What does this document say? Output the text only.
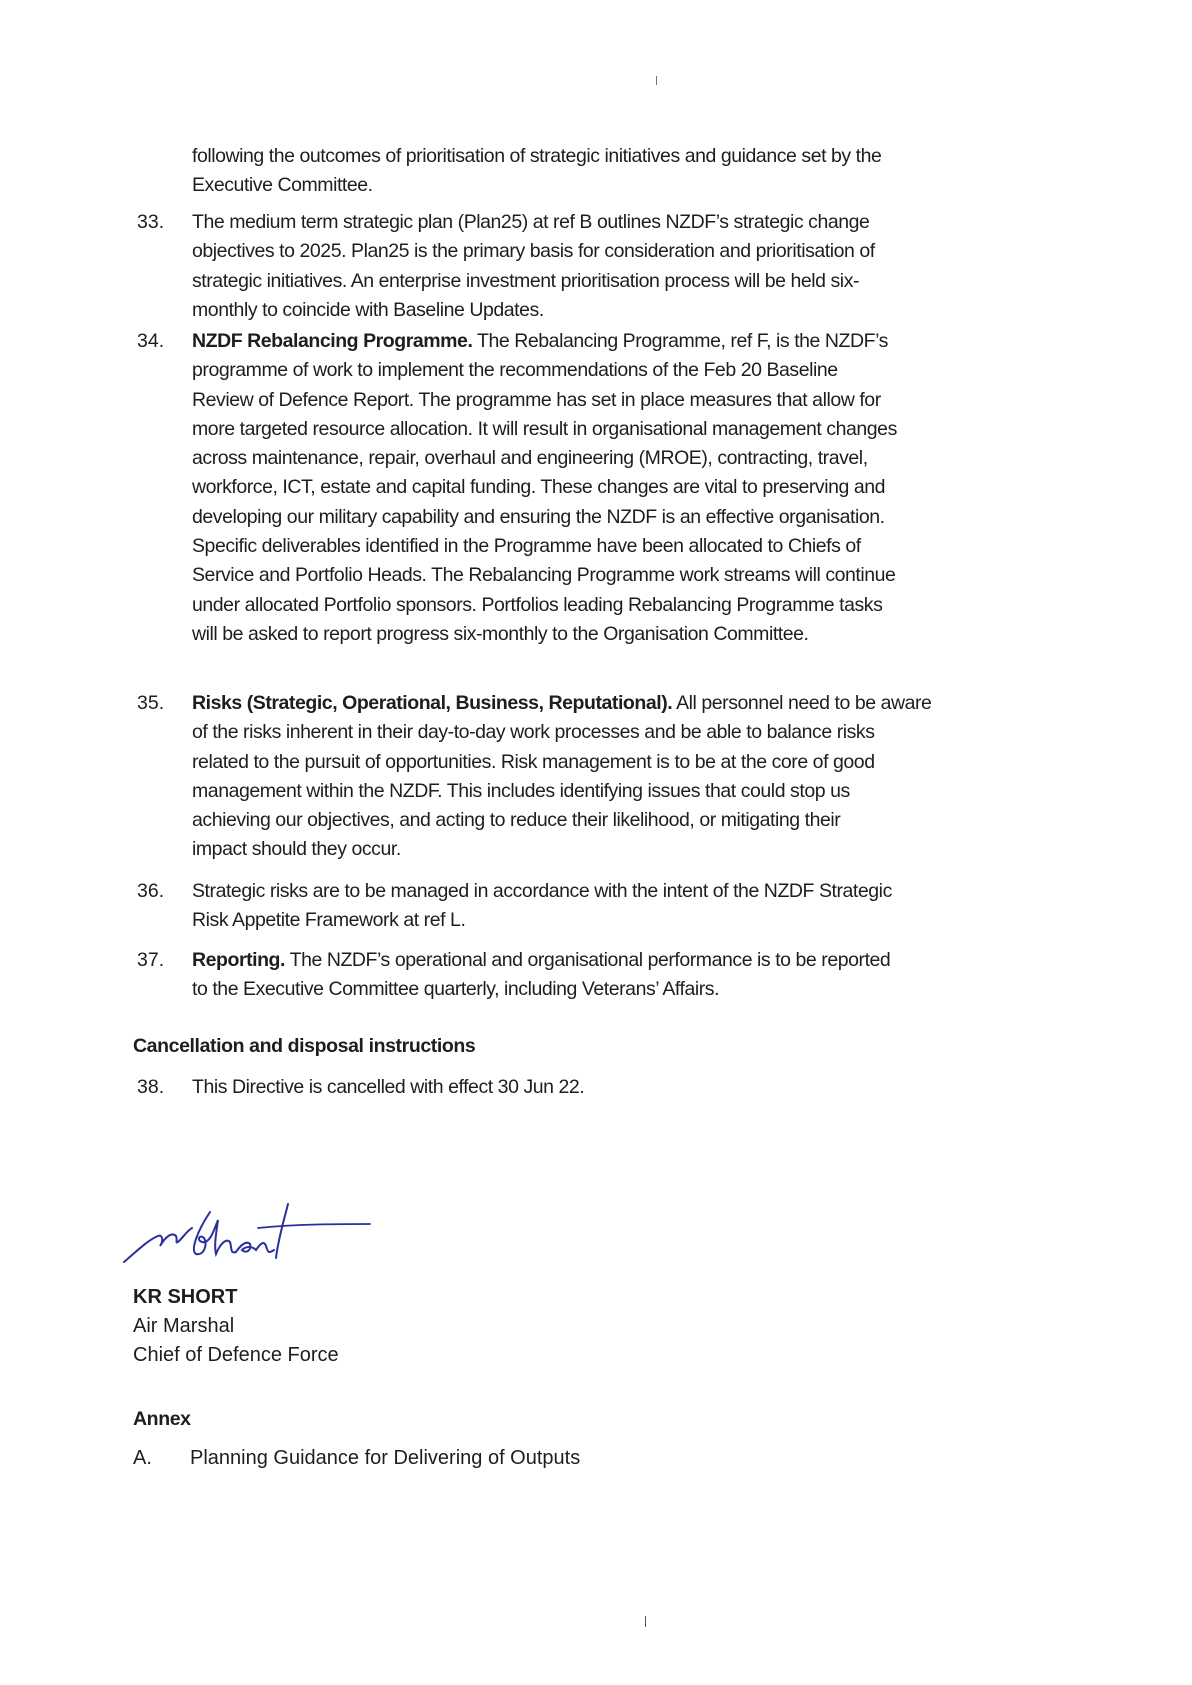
following the outcomes of prioritisation of strategic initiatives and guidance set by the
Executive Committee.
33. The medium term strategic plan (Plan25) at ref B outlines NZDF’s strategic change
objectives to 2025. Plan25 is the primary basis for consideration and prioritisation of
strategic initiatives. An enterprise investment prioritisation process will be held six-
monthly to coincide with Baseline Updates.
34. NZDF Rebalancing Programme. The Rebalancing Programme, ref F, is the NZDF’s
programme of work to implement the recommendations of the Feb 20 Baseline
Review of Defence Report. The programme has set in place measures that allow for
more targeted resource allocation. It will result in organisational management changes
across maintenance, repair, overhaul and engineering (MROE), contracting, travel,
workforce, ICT, estate and capital funding. These changes are vital to preserving and
developing our military capability and ensuring the NZDF is an effective organisation.
Specific deliverables identified in the Programme have been allocated to Chiefs of
Service and Portfolio Heads. The Rebalancing Programme work streams will continue
under allocated Portfolio sponsors. Portfolios leading Rebalancing Programme tasks
will be asked to report progress six-monthly to the Organisation Committee.
35. Risks (Strategic, Operational, Business, Reputational). All personnel need to be aware
of the risks inherent in their day-to-day work processes and be able to balance risks
related to the pursuit of opportunities. Risk management is to be at the core of good
management within the NZDF. This includes identifying issues that could stop us
achieving our objectives, and acting to reduce their likelihood, or mitigating their
impact should they occur.
36. Strategic risks are to be managed in accordance with the intent of the NZDF Strategic
Risk Appetite Framework at ref L.
37. Reporting. The NZDF’s operational and organisational performance is to be reported
to the Executive Committee quarterly, including Veterans’ Affairs.
Cancellation and disposal instructions
38. This Directive is cancelled with effect 30 Jun 22.
KR SHORT
Air Marshal
Chief of Defence Force
Annex
A. Planning Guidance for Delivering of Outputs
